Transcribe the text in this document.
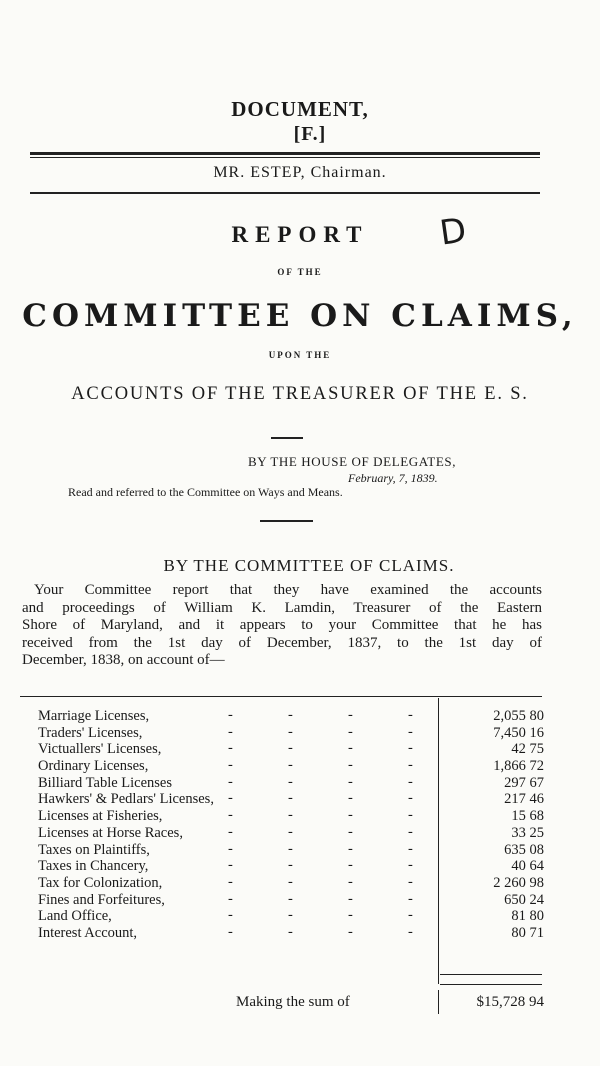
DOCUMENT,
[F.]
MR. ESTEP, Chairman.
REPORT	D
OF THE
COMMITTEE ON CLAIMS,
UPON THE
ACCOUNTS OF THE TREASURER OF THE E. S.
BY THE HOUSE OF DELEGATES,
February, 7, 1839.
Read and referred to the Committee on Ways and Means.
BY THE COMMITTEE OF CLAIMS.
Your Committee report that they have examined the accounts
and proceedings of William K. Lamdin, Treasurer of the Eastern
Shore of Maryland, and it appears to your Committee that he has
received from the 1st day of December, 1837, to the 1st day of
December, 1838, on account of—
Marriage Licenses,	-	-	-	-	2,055 80
Traders' Licenses,	-	-	-	-	7,450 16
Victuallers' Licenses,	-	-	-	-	42 75
Ordinary Licenses,	-	-	-	-	1,866 72
Billiard Table Licenses	-	-	-	-	297 67
Hawkers' & Pedlars' Licenses, -	-	-	-	217 46
Licenses at Fisheries,	-	-	-	-	15 68
Licenses at Horse Races,	-	-	-	-	33 25
Taxes on Plaintiffs,	-	-	-	-	635 08
Taxes in Chancery,	-	-	-	-	40 64
Tax for Colonization,	-	-	-	-	2 260 98
Fines and Forfeitures,	-	-	-	-	650 24
Land Office,	-	-	-	-	81 80
Interest Account,	-	-	-	-	80 71
Making the sum of	$15,728 94
